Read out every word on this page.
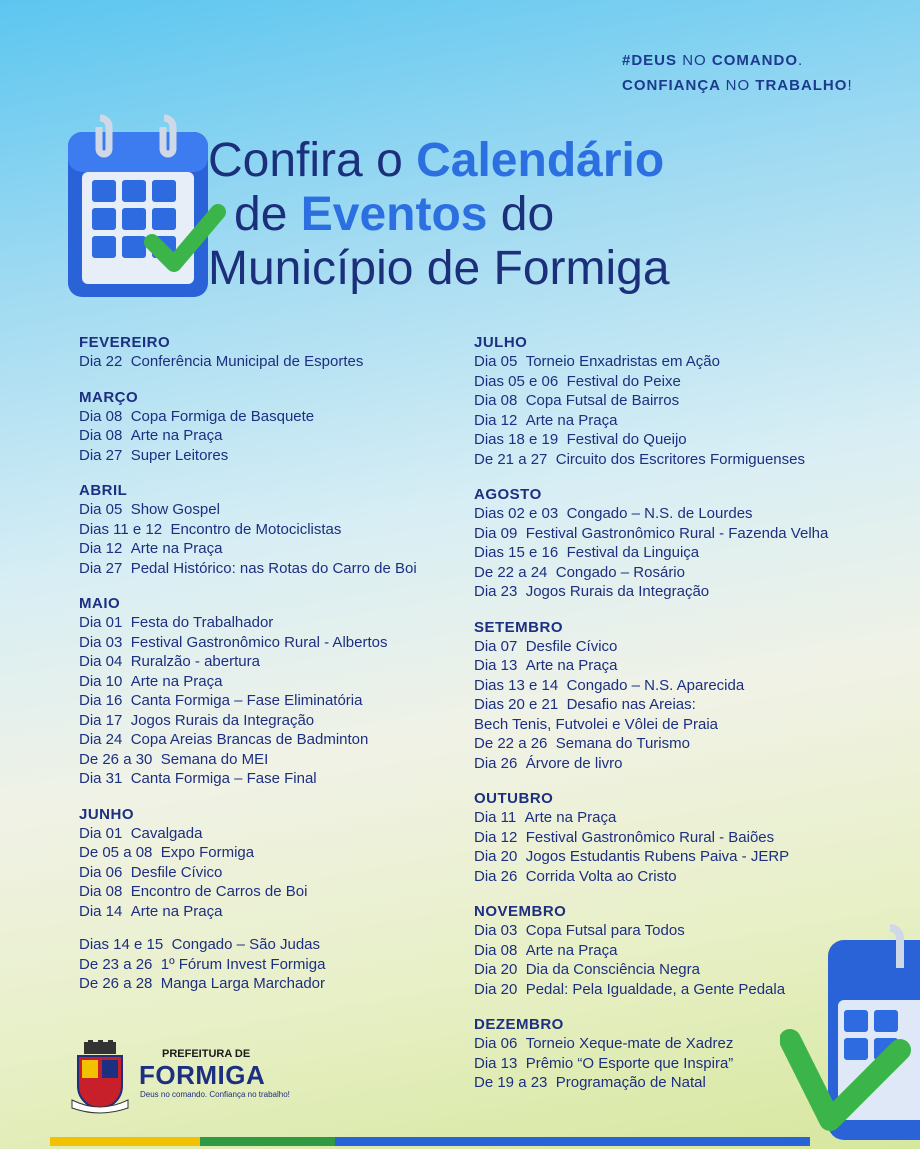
#DEUS NO COMANDO.
CONFIANÇA NO TRABALHO!
Confira o Calendário
de Eventos do
Município de Formiga
FEVEREIRO
Dia 22 Conferência Municipal de Esportes
MARÇO
Dia 08 Copa Formiga de Basquete
Dia 08 Arte na Praça
Dia 27 Super Leitores
ABRIL
Dia 05 Show Gospel
Dias 11 e 12 Encontro de Motociclistas
Dia 12 Arte na Praça
Dia 27 Pedal Histórico: nas Rotas do Carro de Boi
MAIO
Dia 01 Festa do Trabalhador
Dia 03 Festival Gastronômico Rural - Albertos
Dia 04 Ruralzão - abertura
Dia 10 Arte na Praça
Dia 16 Canta Formiga – Fase Eliminatória
Dia 17 Jogos Rurais da Integração
Dia 24 Copa Areias Brancas de Badminton
De 26 a 30 Semana do MEI
Dia 31 Canta Formiga – Fase Final
JUNHO
Dia 01 Cavalgada
De 05 a 08 Expo Formiga
Dia 06 Desfile Cívico
Dia 08 Encontro de Carros de Boi
Dia 14 Arte na Praça
Dias 14 e 15 Congado – São Judas
De 23 a 26 1º Fórum Invest Formiga
De 26 a 28 Manga Larga Marchador
JULHO
Dia 05 Torneio Enxadristas em Ação
Dias 05 e 06 Festival do Peixe
Dia 08 Copa Futsal de Bairros
Dia 12 Arte na Praça
Dias 18 e 19 Festival do Queijo
De 21 a 27 Circuito dos Escritores Formiguenses
AGOSTO
Dias 02 e 03 Congado – N.S. de Lourdes
Dia 09 Festival Gastronômico Rural - Fazenda Velha
Dias 15 e 16 Festival da Linguiça
De 22 a 24 Congado – Rosário
Dia 23 Jogos Rurais da Integração
SETEMBRO
Dia 07 Desfile Cívico
Dia 13 Arte na Praça
Dias 13 e 14 Congado – N.S. Aparecida
Dias 20 e 21 Desafio nas Areias:
Bech Tenis, Futvolei e Vôlei de Praia
De 22 a 26 Semana do Turismo
Dia 26 Árvore de livro
OUTUBRO
Dia 11 Arte na Praça
Dia 12 Festival Gastronômico Rural - Baiões
Dia 20 Jogos Estudantis Rubens Paiva - JERP
Dia 26 Corrida Volta ao Cristo
NOVEMBRO
Dia 03 Copa Futsal para Todos
Dia 08 Arte na Praça
Dia 20 Dia da Consciência Negra
Dia 20 Pedal: Pela Igualdade, a Gente Pedala
DEZEMBRO
Dia 06 Torneio Xeque-mate de Xadrez
Dia 13 Prêmio “O Esporte que Inspira”
De 19 a 23 Programação de Natal
PREFEITURA DE
FORMIGA
Deus no comando. Confiança no trabalho!
